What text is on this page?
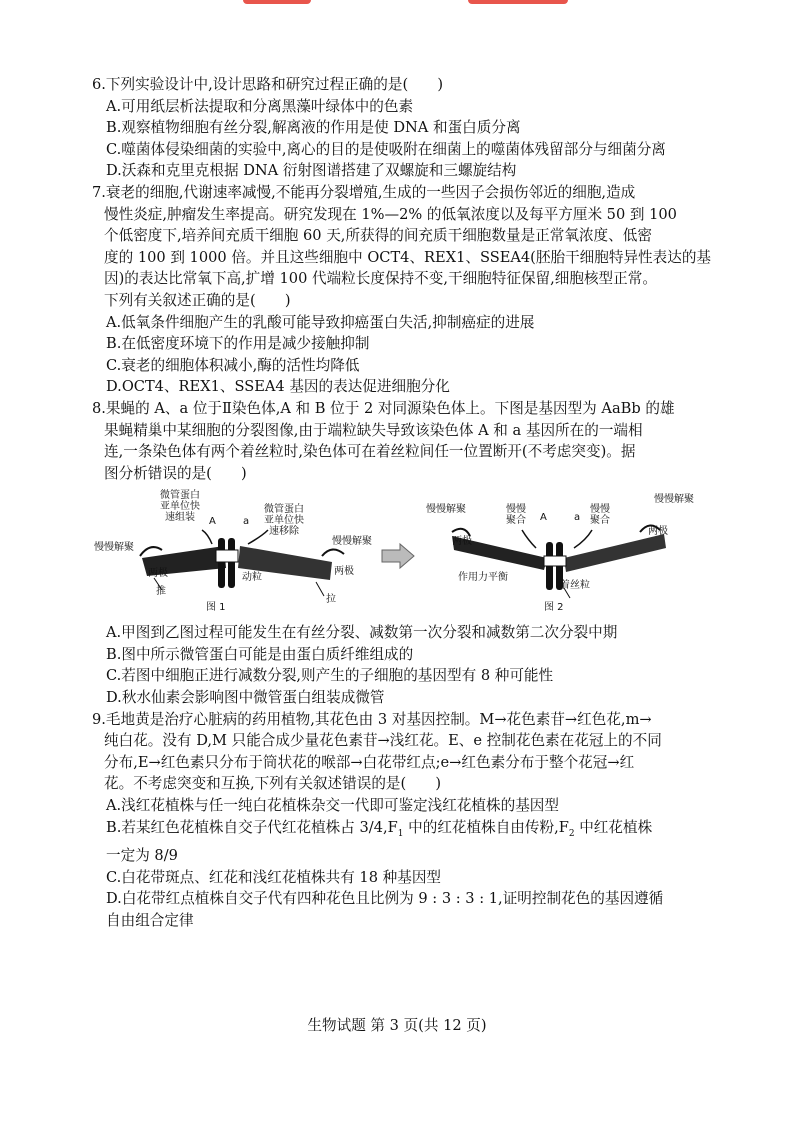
6.下列实验设计中,设计思路和研究过程正确的是(　　)

A.可用纸层析法提取和分离黑藻叶绿体中的色素

B.观察植物细胞有丝分裂,解离液的作用是使 DNA 和蛋白质分离

C.噬菌体侵染细菌的实验中,离心的目的是使吸附在细菌上的噬菌体残留部分与细菌分离

D.沃森和克里克根据 DNA 衍射图谱搭建了双螺旋和三螺旋结构

7.衰老的细胞,代谢速率减慢,不能再分裂增殖,生成的一些因子会损伤邻近的细胞,造成

慢性炎症,肿瘤发生率提高。研究发现在 1%—2% 的低氧浓度以及每平方厘米 50 到 100

个低密度下,培养间充质干细胞 60 天,所获得的间充质干细胞数量是正常氧浓度、低密

度的 100 到 1000 倍。并且这些细胞中 OCT4、REX1、SSEA4(胚胎干细胞特异性表达的基

因)的表达比常氧下高,扩增 100 代端粒长度保持不变,干细胞特征保留,细胞核型正常。

下列有关叙述正确的是(　　)

A.低氧条件细胞产生的乳酸可能导致抑癌蛋白失活,抑制癌症的进展

B.在低密度环境下的作用是减少接触抑制

C.衰老的细胞体积减小,酶的活性均降低

D.OCT4、REX1、SSEA4 基因的表达促进细胞分化

8.果蝇的 A、a 位于Ⅱ染色体,A 和 B 位于 2 对同源染色体上。下图是基因型为 AaBb 的雄

果蝇精巢中某细胞的分裂图像,由于端粒缺失导致该染色体 A 和 a 基因所在的一端相

连,一条染色体有两个着丝粒时,染色体可在着丝粒间任一位置断开(不考虑突变)。据

图分析错误的是(　　)

微管蛋白
亚单位快
速组装
微管蛋白
亚单位快
速移除
A	a
慢慢解聚
慢慢解聚
两极	两极
推
动粒
拉
图 1
慢慢解聚	慢慢
聚合 A	a
慢慢
聚合
慢慢解聚
两极
两极
作用力平衡
着丝粒
图 2

A.甲图到乙图过程可能发生在有丝分裂、减数第一次分裂和减数第二次分裂中期

B.图中所示微管蛋白可能是由蛋白质纤维组成的

C.若图中细胞正进行减数分裂,则产生的子细胞的基因型有 8 种可能性

D.秋水仙素会影响图中微管蛋白组装成微管

9.毛地黄是治疗心脏病的药用植物,其花色由 3 对基因控制。M→花色素苷→红色花,m→

纯白花。没有 D,M 只能合成少量花色素苷→浅红花。E、e 控制花色素在花冠上的不同

分布,E→红色素只分布于筒状花的喉部→白花带红点;e→红色素分布于整个花冠→红

花。不考虑突变和互换,下列有关叙述错误的是(　　)

A.浅红花植株与任一纯白花植株杂交一代即可鉴定浅红花植株的基因型

B.若某红色花植株自交子代红花植株占 $3/4,F_1$ 中的红花植株自由传粉$,F_2$ 中红花植株

一定为 8/9

C.白花带斑点、红花和浅红花植株共有 18 种基因型

D.白花带红点植株自交子代有四种花色且比例为 9 : 3 : 3 : 1,证明控制花色的基因遵循

自由组合定律

生物试题 第 3 页(共 12 页)
